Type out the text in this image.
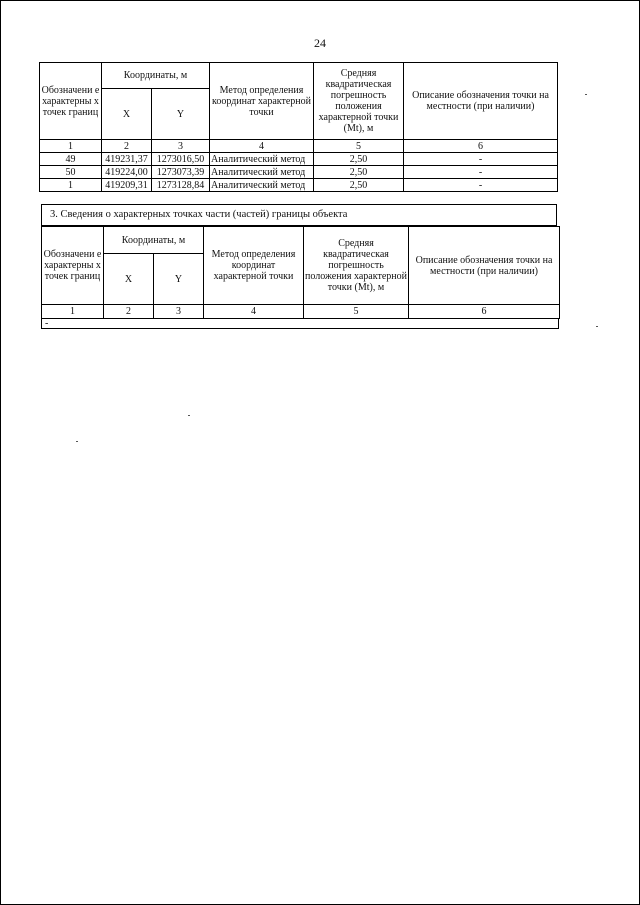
24
Обозначени е характерны х точек границ	Координаты, м		Метод определения координат характерной точки	Средняя квадратическая погрешность положения характерной точки (Mt), м	Описание обозначения точки на местности (при наличии)
	X	Y			
1	2	3	4	5	6
49	419231,37	1273016,50	Аналитический метод	2,50	-
50	419224,00	1273073,39	Аналитический метод	2,50	-
1	419209,31	1273128,84	Аналитический метод	2,50	-
3. Сведения о характерных точках части (частей) границы объекта
Обозначени е характерны х точек границ	Координаты, м		Метод определения координат характерной точки	Средняя квадратическая погрешность положения характерной точки (Mt), м	Описание обозначения точки на местности (при наличии)
	X	Y			
1	2	3	4	5	6
-
